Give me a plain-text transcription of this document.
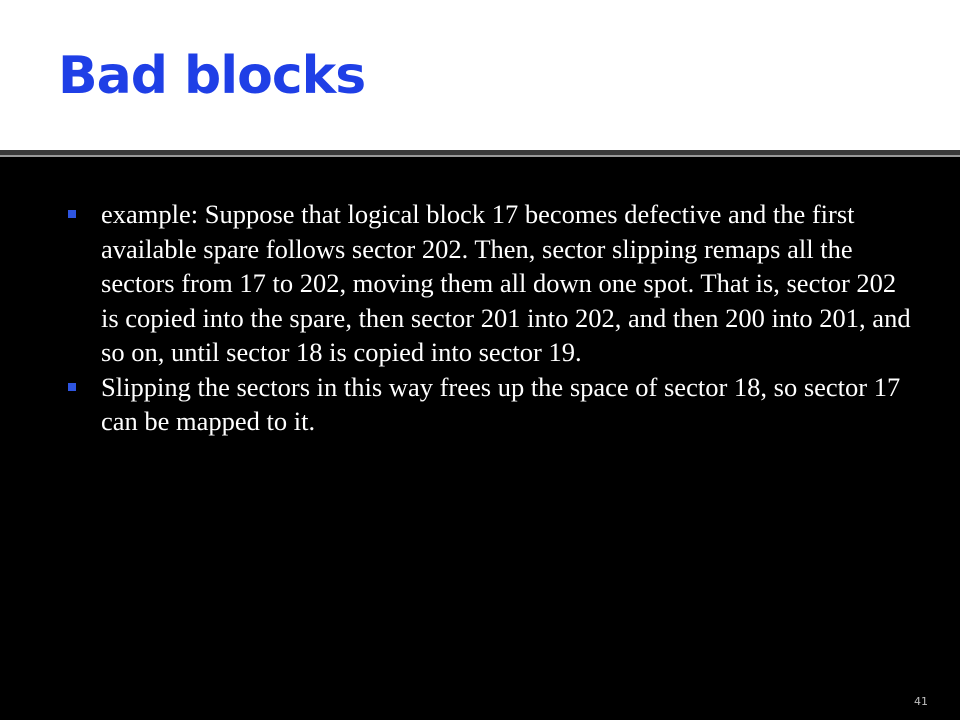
Bad blocks
example: Suppose that logical block 17 becomes defective and the first available spare follows sector 202. Then, sector slipping remaps all the sectors from 17 to 202, moving them all down one spot. That is, sector 202 is copied into the spare, then sector 201 into 202, and then 200 into 201, and so on, until sector 18 is copied into sector 19.
Slipping the sectors in this way frees up the space of sector 18, so sector 17 can be mapped to it.
41
